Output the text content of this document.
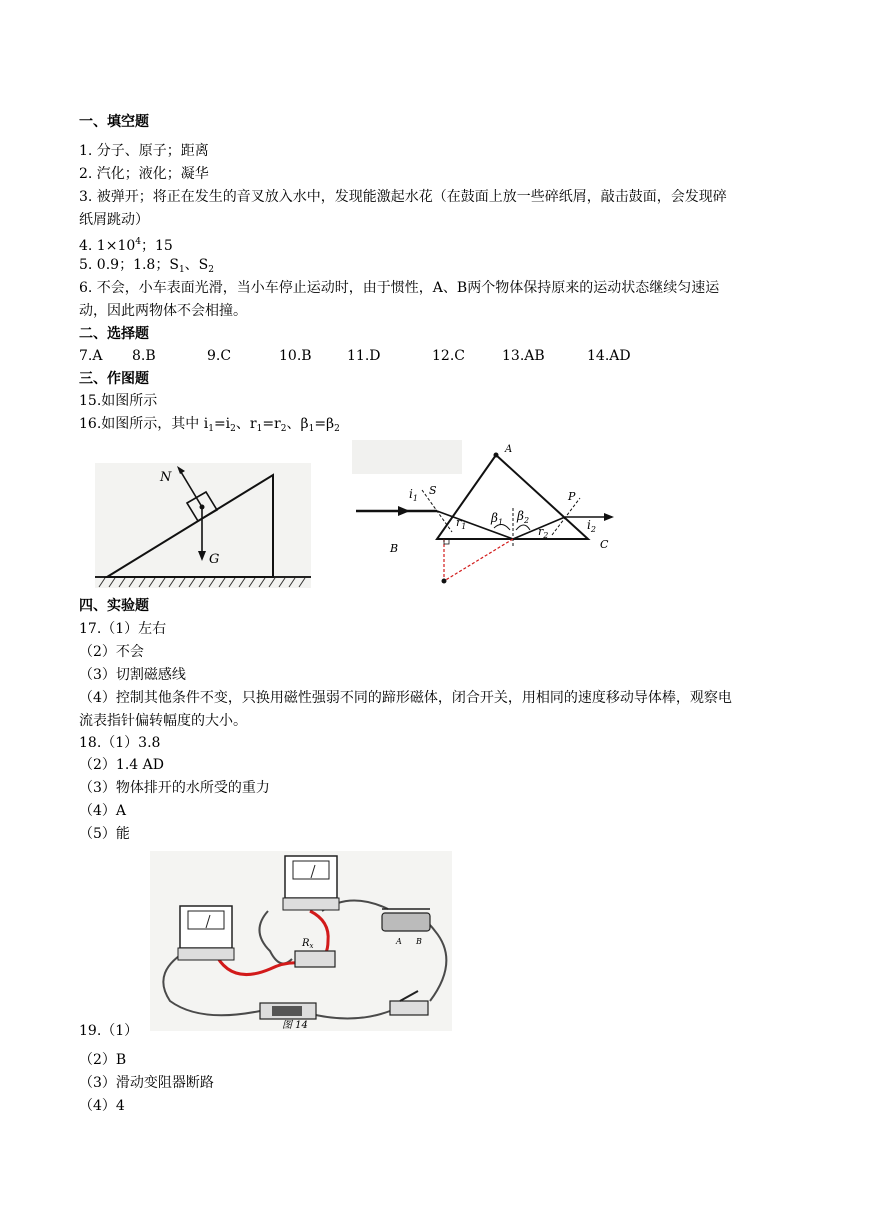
一、填空题
1. 分子、原子；距离
2. 汽化；液化；凝华
3. 被弹开；将正在发生的音叉放入水中，发现能激起水花（在鼓面上放一些碎纸屑，敲击鼓面，会发现碎
纸屑跳动）
4. $1\times 10^4$；15
5. 0.9；1.8；$S_1$、$S_2$
6. 不会，小车表面光滑，当小车停止运动时，由于惯性，A、B两个物体保持原来的运动状态继续匀速运
动，因此两物体不会相撞。
二、选择题
7.A 8.B	9.C	10.B	11.D	12.C	13.AB	14.AD
三、作图题
15.如图所示
16.如图所示，其中 $i_1=i_2$、$r_1=r_2$、$\beta_1=\beta_2$
N
G
A
B	C
S	P
$i_1$
$i_2$
$r_1$	$r_2$
$\beta_1$ $\beta_2$
四、实验题
17.（1）左右
（2）不会
（3）切割磁感线
（4）控制其他条件不变，只换用磁性强弱不同的蹄形磁体，闭合开关，用相同的速度移动导体棒，观察电
流表指针偏转幅度的大小。
18.（1）3.8
（2）1.4 AD
（3）物体排开的水所受的重力
（4）A
（5）能
$R_x$	A B
图 14
19.（1）
（2）B
（3）滑动变阻器断路
（4）4
